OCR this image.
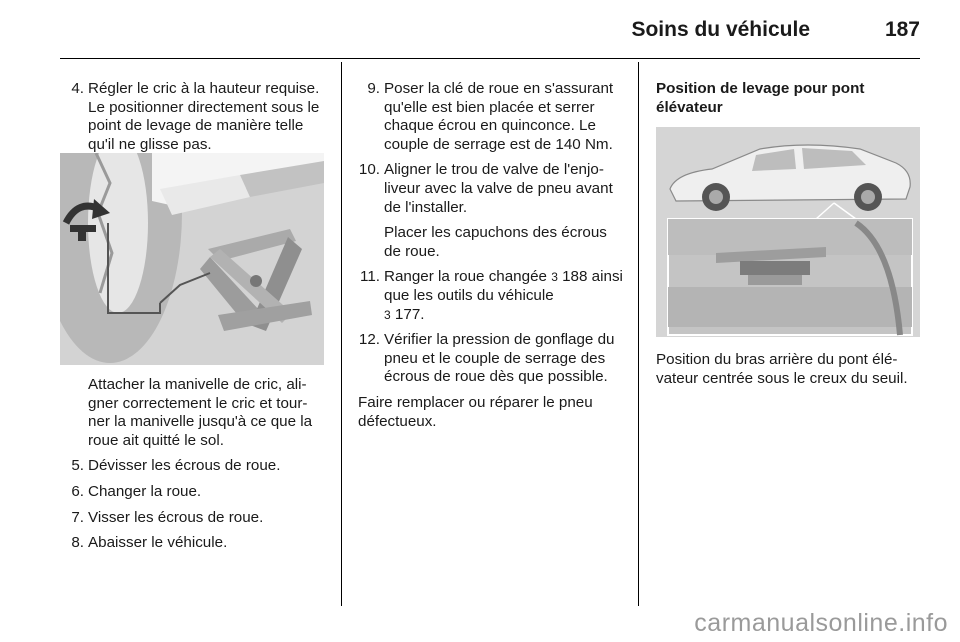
Soins du véhicule	187

4. Régler le cric à la hauteur requise. Le positionner directement sous le point de levage de manière telle qu'il ne glisse pas.

Attacher la manivelle de cric, ali-gner correctement le cric et tour-ner la manivelle jusqu'à ce que la roue ait quitté le sol.

5. Dévisser les écrous de roue.

6. Changer la roue.

7. Visser les écrous de roue.

8. Abaisser le véhicule.

9. Poser la clé de roue en s'assurant qu'elle est bien placée et serrer chaque écrou en quinconce. Le couple de serrage est de 140 Nm.

10. Aligner le trou de valve de l'enjo-liveur avec la valve de pneu avant de l'installer.

Placer les capuchons des écrous de roue.

11. Ranger la roue changée 3 188 ainsi que les outils du véhicule
3 177.

12. Vérifier la pression de gonflage du pneu et le couple de serrage des écrous de roue dès que possible.

Faire remplacer ou réparer le pneu défectueux.

Position de levage pour pont élévateur

Position du bras arrière du pont élé-vateur centrée sous le creux du seuil.

carmanualsonline.info
